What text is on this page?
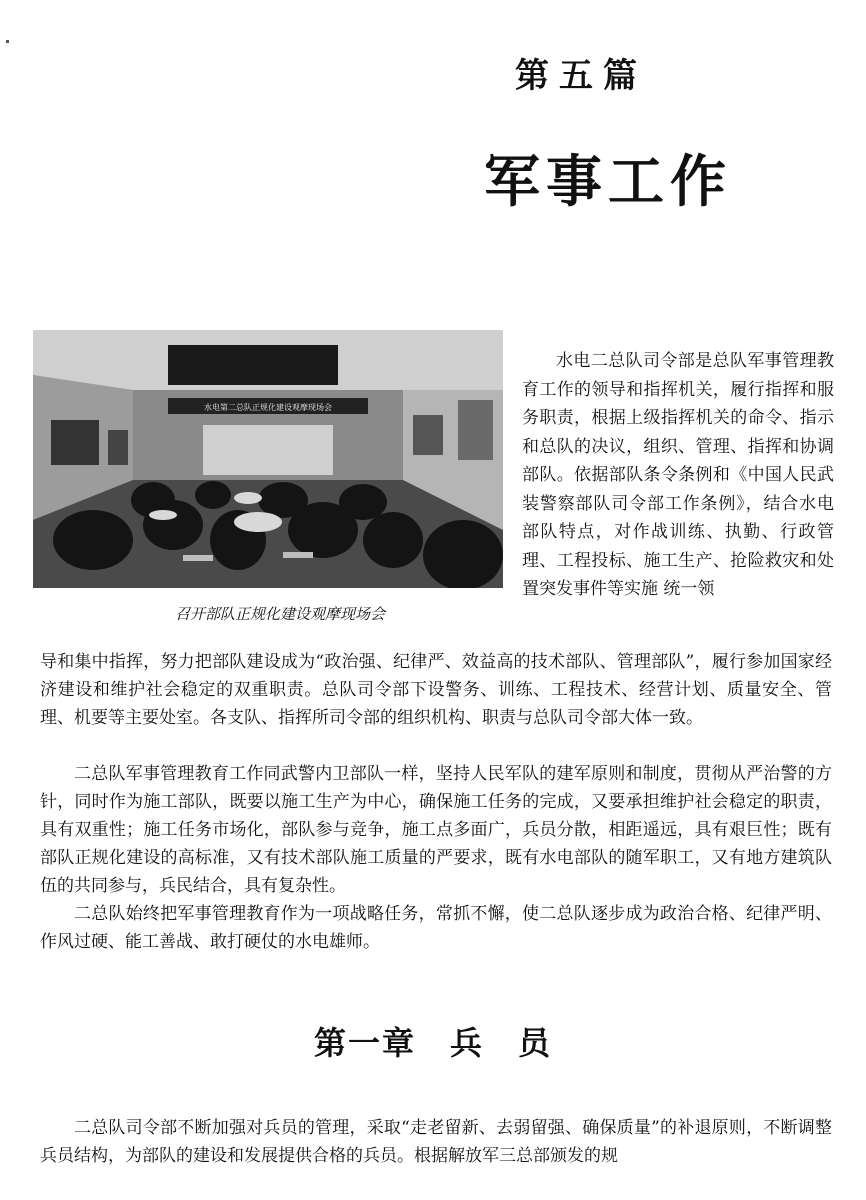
第五篇
军事工作
水电第二总队正规化建设观摩现场会
召开部队正规化建设观摩现场会

水电二总队司令部是总队军事管理教育工作的领导和指挥机关，履行指挥和服务职责，根据上级指挥机关的命令、指示和总队的决议，组织、管理、指挥和协调部队。依据部队条令条例和《中国人民武装警察部队司令部工作条例》，结合水电部队特点，对作战训练、执勤、行政管理、工程投标、施工生产、抢险救灾和处置突发事件等实施 统一领

导和集中指挥，努力把部队建设成为“政治强、纪律严、效益高的技术部队、管理部队”，履行参加国家经济建设和维护社会稳定的双重职责。总队司令部下设警务、训练、工程技术、经营计划、质量安全、管理、机要等主要处室。各支队、指挥所司令部的组织机构、职责与总队司令部大体一致。

二总队军事管理教育工作同武警内卫部队一样，坚持人民军队的建军原则和制度，贯彻从严治警的方针，同时作为施工部队，既要以施工生产为中心，确保施工任务的完成，又要承担维护社会稳定的职责，具有双重性；施工任务市场化，部队参与竞争，施工点多面广，兵员分散，相距遥远，具有艰巨性；既有部队正规化建设的高标准，又有技术部队施工质量的严要求，既有水电部队的随军职工，又有地方建筑队伍的共同参与，兵民结合，具有复杂性。

二总队始终把军事管理教育作为一项战略任务，常抓不懈，使二总队逐步成为政治合格、纪律严明、作风过硬、能工善战、敢打硬仗的水电雄师。

第一章　兵　员

二总队司令部不断加强对兵员的管理，采取“走老留新、去弱留强、确保质量”的补退原则，不断调整兵员结构，为部队的建设和发展提供合格的兵员。根据解放军三总部颁发的规
